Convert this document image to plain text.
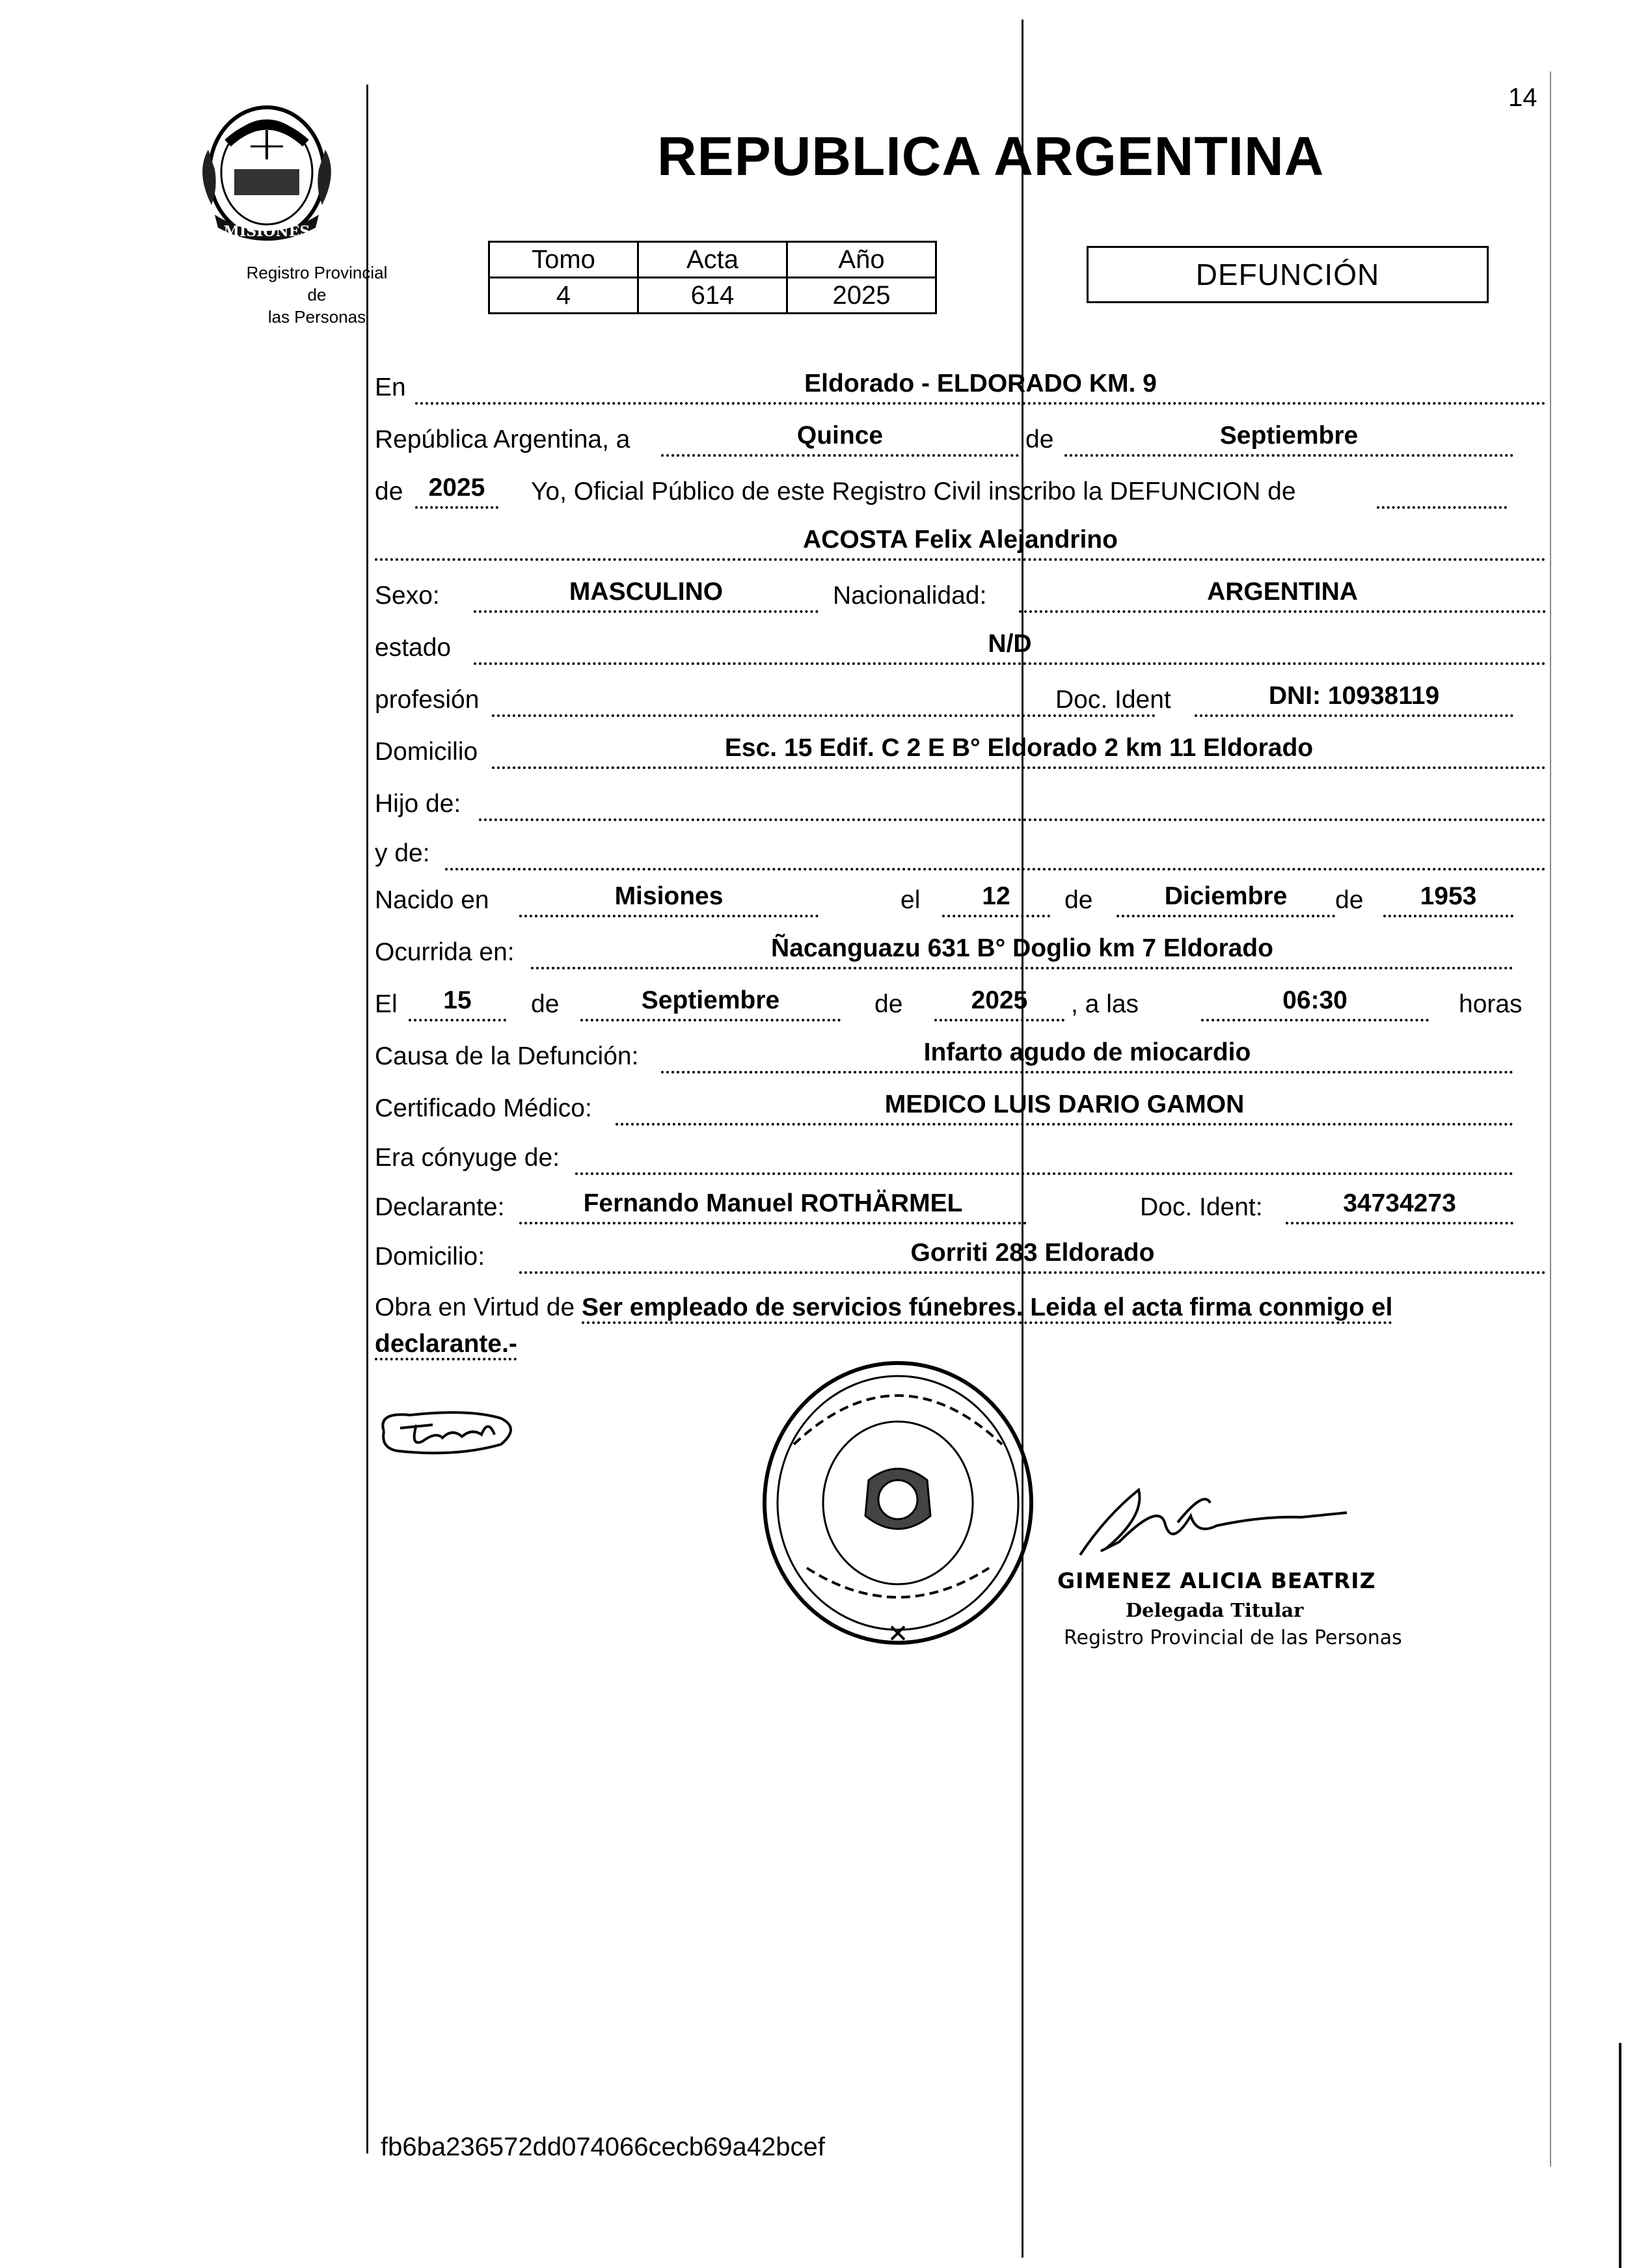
14
MISIONES
Registro Provincial de
las Personas
REPUBLICA ARGENTINA
Tomo	Acta	Año
4	614	2025
DEFUNCIÓN
En	Eldorado - ELDORADO KM. 9
República Argentina, a	Quince	de	Septiembre
de	2025	Yo, Oficial Público de este Registro Civil inscribo la DEFUNCION de
ACOSTA Felix Alejandrino
Sexo:	MASCULINO	Nacionalidad:	ARGENTINA
estado	N/D
profesión	Doc. Ident	DNI: 10938119
Domicilio	Esc. 15 Edif. C 2 E B° Eldorado 2 km 11 Eldorado
Hijo de:
y de:
Nacido en	Misiones	el	12	de	Diciembre	de	1953
Ocurrida en:	Ñacanguazu 631 B° Doglio km 7 Eldorado
El	15	de	Septiembre	de	2025	, a las	06:30	horas
Causa de la Defunción:	Infarto agudo de miocardio
Certificado Médico:	MEDICO LUIS DARIO GAMON
Era cónyuge de:
Declarante:	Fernando Manuel ROTHÄRMEL	Doc. Ident:	34734273
Domicilio:	Gorriti 283 Eldorado
Obra en Virtud de Ser empleado de servicios fúnebres. Leida el acta firma conmigo el
declarante.-
GIMENEZ ALICIA BEATRIZ
Delegada Titular
Registro Provincial de las Personas
fb6ba236572dd074066cecb69a42bcef
